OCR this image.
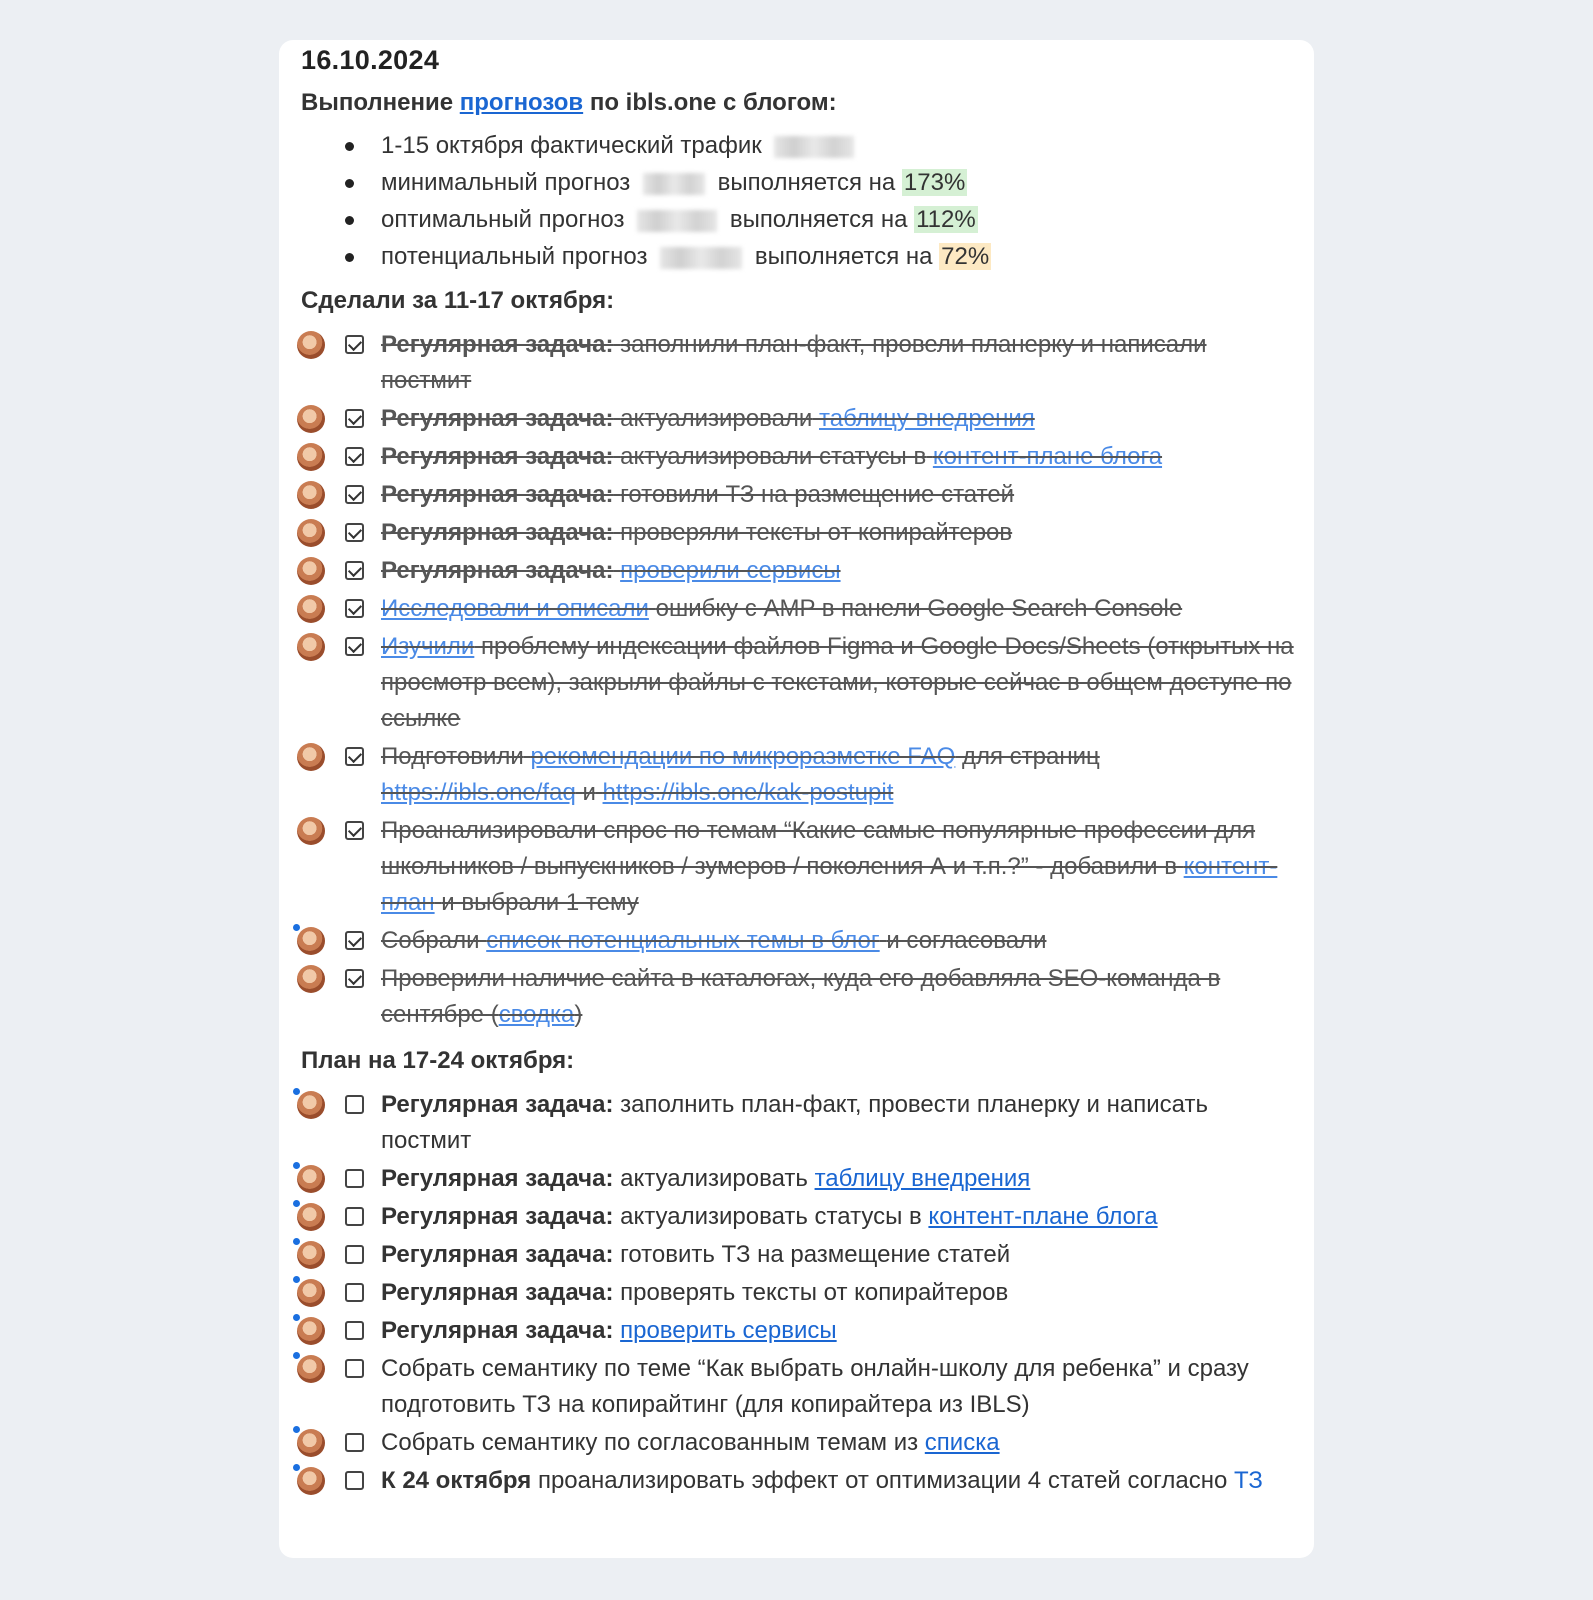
16.10.2024
Выполнение прогнозов по ibls.one с блогом:
1-15 октября фактический трафик
минимальный прогноз	выполняется на 173%
оптимальный прогноз	выполняется на 112%
потенциальный прогноз	выполняется на 72%
Сделали за 11-17 октября:
Регулярная задача: заполнили план-факт, провели планерку и написали постмит
Регулярная задача: актуализировали таблицу внедрения
Регулярная задача: актуализировали статусы в контент-плане блога
Регулярная задача: готовили ТЗ на размещение статей
Регулярная задача: проверяли тексты от копирайтеров
Регулярная задача: проверили сервисы
Исследовали и описали ошибку с AMP в панели Google Search Console
Изучили проблему индексации файлов Figma и Google Docs/Sheets (открытых на просмотр всем), закрыли файлы с текстами, которые сейчас в общем доступе по ссылке
Подготовили рекомендации по микроразметке FAQ для страниц
https://ibls.one/faq и https://ibls.one/kak-postupit
Проанализировали спрос по темам “Какие самые популярные профессии для школьников / выпускников / зумеров / поколения А и т.п.?” - добавили в контент-план и выбрали 1 тему
Собрали список потенциальных темы в блог и согласовали
Проверили наличие сайта в каталогах, куда его добавляла SEO-команда в сентябре (сводка)
План на 17-24 октября:
Регулярная задача: заполнить план-факт, провести планерку и написать постмит
Регулярная задача: актуализировать таблицу внедрения
Регулярная задача: актуализировать статусы в контент-плане блога
Регулярная задача: готовить ТЗ на размещение статей
Регулярная задача: проверять тексты от копирайтеров
Регулярная задача: проверить сервисы
Собрать семантику по теме “Как выбрать онлайн-школу для ребенка” и сразу подготовить ТЗ на копирайтинг (для копирайтера из IBLS)
Собрать семантику по согласованным темам из списка
К 24 октября проанализировать эффект от оптимизации 4 статей согласно ТЗ
